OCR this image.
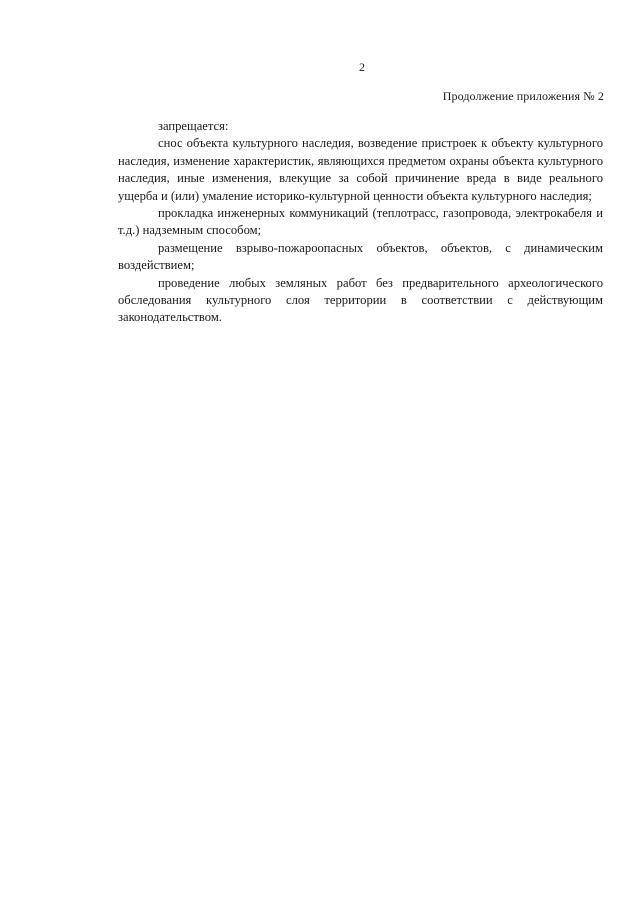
2
Продолжение приложения № 2

запрещается:

снос объекта культурного наследия, возведение пристроек к объекту культурного наследия, изменение характеристик, являющихся предметом охраны объекта культурного наследия, иные изменения, влекущие за собой причинение вреда в виде реального ущерба и (или) умаление историко-культурной ценности объекта культурного наследия;

прокладка инженерных коммуникаций (теплотрасс, газопровода, электрокабеля и т.д.) надземным способом;

размещение взрыво-пожароопасных объектов, объектов, с динамическим воздействием;

проведение любых земляных работ без предварительного археологического обследования культурного слоя территории в соответствии с действующим законодательством.
